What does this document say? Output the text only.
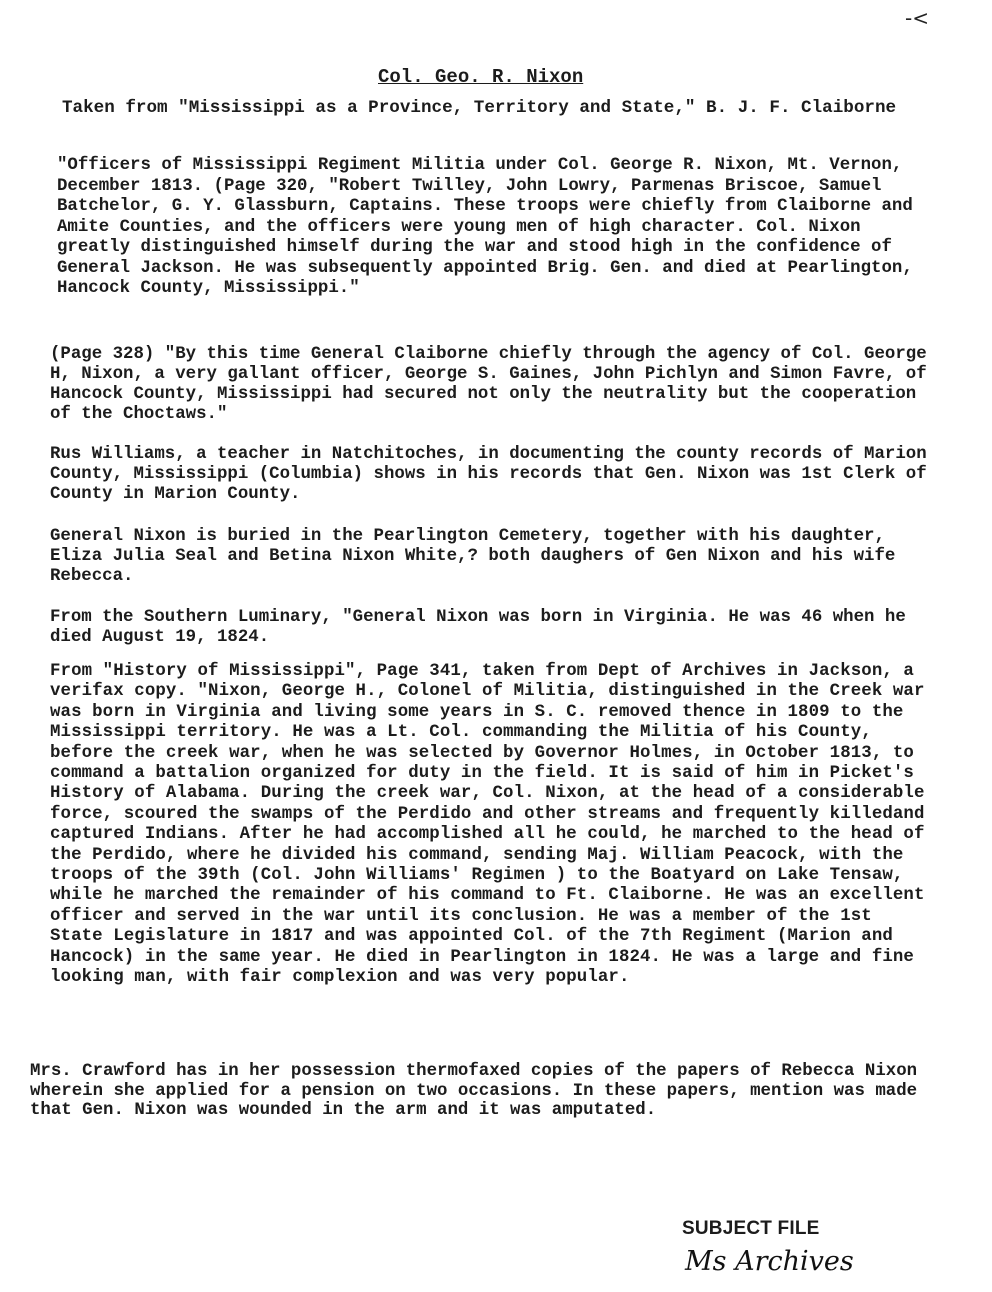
-<
Col. Geo. R. Nixon
Taken from "Mississippi as a Province, Territory and State," B. J. F. Claiborne
"Officers of Mississippi Regiment Militia under Col. George R. Nixon, Mt. Vernon, December 1813. (Page 320, "Robert Twilley, John Lowry, Parmenas Briscoe, Samuel Batchelor, G. Y. Glassburn, Captains. These troops were chiefly from Claiborne and Amite Counties, and the officers were young men of high character. Col. Nixon greatly distinguished himself during the war and stood high in the confidence of General Jackson. He was subsequently appointed Brig. Gen. and died at Pearlington, Hancock County, Mississippi."
(Page 328) "By this time General Claiborne chiefly through the agency of Col. George H, Nixon, a very gallant officer, George S. Gaines, John Pichlyn and Simon Favre, of Hancock County, Mississippi had secured not only the neutrality but the cooperation of the Choctaws."
Rus Williams, a teacher in Natchitoches, in documenting the county records of Marion County, Mississippi (Columbia) shows in his records that Gen. Nixon was 1st Clerk of County in Marion County.
General Nixon is buried in the Pearlington Cemetery, together with his daughter, Eliza Julia Seal and Betina Nixon White,? both daughers of Gen Nixon and his wife Rebecca.
From the Southern Luminary, "General Nixon was born in Virginia. He was 46 when he died August 19, 1824.
From "History of Mississippi", Page 341, taken from Dept of Archives in Jackson, a verifax copy. "Nixon, George H., Colonel of Militia, distinguished in the Creek war was born in Virginia and living some years in S. C. removed thence in 1809 to the Mississippi territory. He was a Lt. Col. commanding the Militia of his County, before the creek war, when he was selected by Governor Holmes, in October 1813, to command a battalion organized for duty in the field. It is said of him in Picket's History of Alabama. During the creek war, Col. Nixon, at the head of a considerable force, scoured the swamps of the Perdido and other streams and frequently killedand captured Indians. After he had accomplished all he could, he marched to the head of the Perdido, where he divided his command, sending Maj. William Peacock, with the troops of the 39th (Col. John Williams' Regimen ) to the Boatyard on Lake Tensaw, while he marched the remainder of his command to Ft. Claiborne. He was an excellent officer and served in the war until its conclusion. He was a member of the 1st State Legislature in 1817 and was appointed Col. of the 7th Regiment (Marion and Hancock) in the same year. He died in Pearlington in 1824. He was a large and fine looking man, with fair complexion and was very popular.
Mrs. Crawford has in her possession thermofaxed copies of the papers of Rebecca Nixon wherein she applied for a pension on two occasions. In these papers, mention was made that Gen. Nixon was wounded in the arm and it was amputated.
SUBJECT FILE
Ms Archives
